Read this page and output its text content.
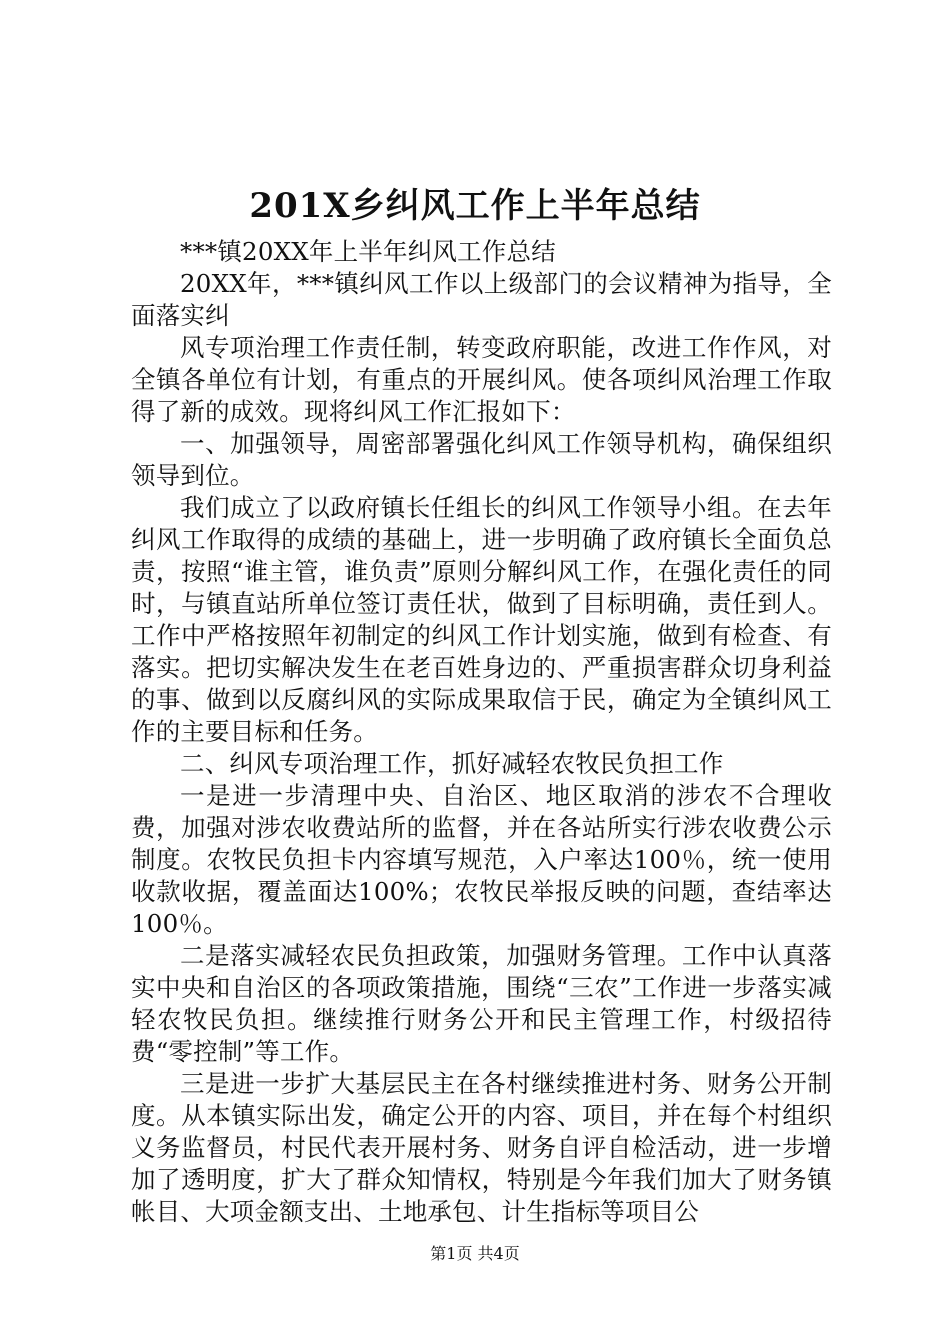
201X乡纠风工作上半年总结

***镇20XX年上半年纠风工作总结

20XX年，***镇纠风工作以上级部门的会议精神为指导，全面落实纠

风专项治理工作责任制，转变政府职能，改进工作作风，对全镇各单位有计划，有重点的开展纠风。使各项纠风治理工作取得了新的成效。现将纠风工作汇报如下：

一、加强领导，周密部署强化纠风工作领导机构，确保组织领导到位。

我们成立了以政府镇长任组长的纠风工作领导小组。在去年纠风工作取得的成绩的基础上，进一步明确了政府镇长全面负总责，按照“谁主管，谁负责”原则分解纠风工作，在强化责任的同时，与镇直站所单位签订责任状，做到了目标明确，责任到人。工作中严格按照年初制定的纠风工作计划实施，做到有检查、有落实。把切实解决发生在老百姓身边的、严重损害群众切身利益的事、做到以反腐纠风的实际成果取信于民，确定为全镇纠风工作的主要目标和任务。

二、纠风专项治理工作，抓好减轻农牧民负担工作

一是进一步清理中央、自治区、地区取消的涉农不合理收费，加强对涉农收费站所的监督，并在各站所实行涉农收费公示制度。农牧民负担卡内容填写规范，入户率达100％，统一使用收款收据，覆盖面达100%；农牧民举报反映的问题，查结率达100％。

二是落实减轻农民负担政策，加强财务管理。工作中认真落实中央和自治区的各项政策措施，围绕“三农”工作进一步落实减轻农牧民负担。继续推行财务公开和民主管理工作，村级招待费“零控制”等工作。

三是进一步扩大基层民主在各村继续推进村务、财务公开制度。从本镇实际出发，确定公开的内容、项目，并在每个村组织义务监督员，村民代表开展村务、财务自评自检活动，进一步增加了透明度，扩大了群众知情权，特别是今年我们加大了财务镇帐目、大项金额支出、土地承包、计生指标等项目公

第1页 共4页
